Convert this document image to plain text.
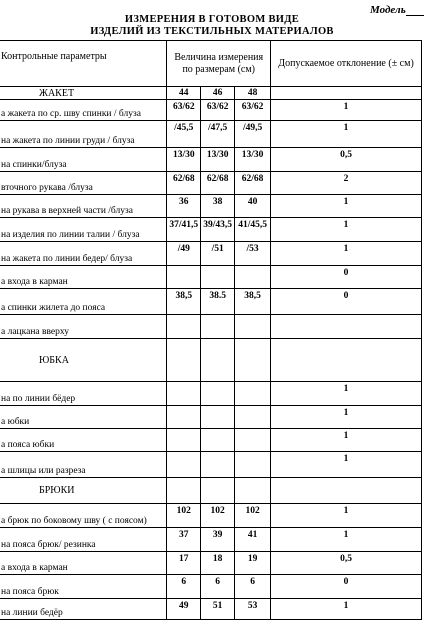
Модель
ИЗМЕРЕНИЯ В ГОТОВОМ ВИДЕ
ИЗДЕЛИЙ ИЗ ТЕКСТИЛЬНЫХ МАТЕРИАЛОВ
Контрольные параметры	Величина измерения по размерам (см)			Допускаемое отклонение (± см)
ЖАКЕТ	44	46	48	
а жакета по ср. шву спинки / блуза	63/62	63/62	63/62	1
на жакета по линии груди / блуза	/45,5	/47,5	/49,5	1
на спинки/блуза	13/30	13/30	13/30	0,5
вточного рукава /блуза	62/68	62/68	62/68	2
на рукава в верхней части /блуза	36	38	40	1
на изделия по линии талии / блуза	37/41,5	39/43,5	41/45,5	1
на жакета по линии бедер/ блуза	/49	/51	/53	1
а входа в карман				0
а спинки жилета до пояса	38,5	38.5	38,5	0
а лацкана вверху				
ЮБКА				
на по линии бёдер				1
а юбки				1
а пояса юбки				1
а шлицы или разреза				1
БРЮКИ				
а брюк по боковому шву ( с поясом)	102	102	102	1
на пояса брюк/ резинка	37	39	41	1
а входа в карман	17	18	19	0,5
на пояса брюк	6	6	6	0
на линии бедёр	49	51	53	1
